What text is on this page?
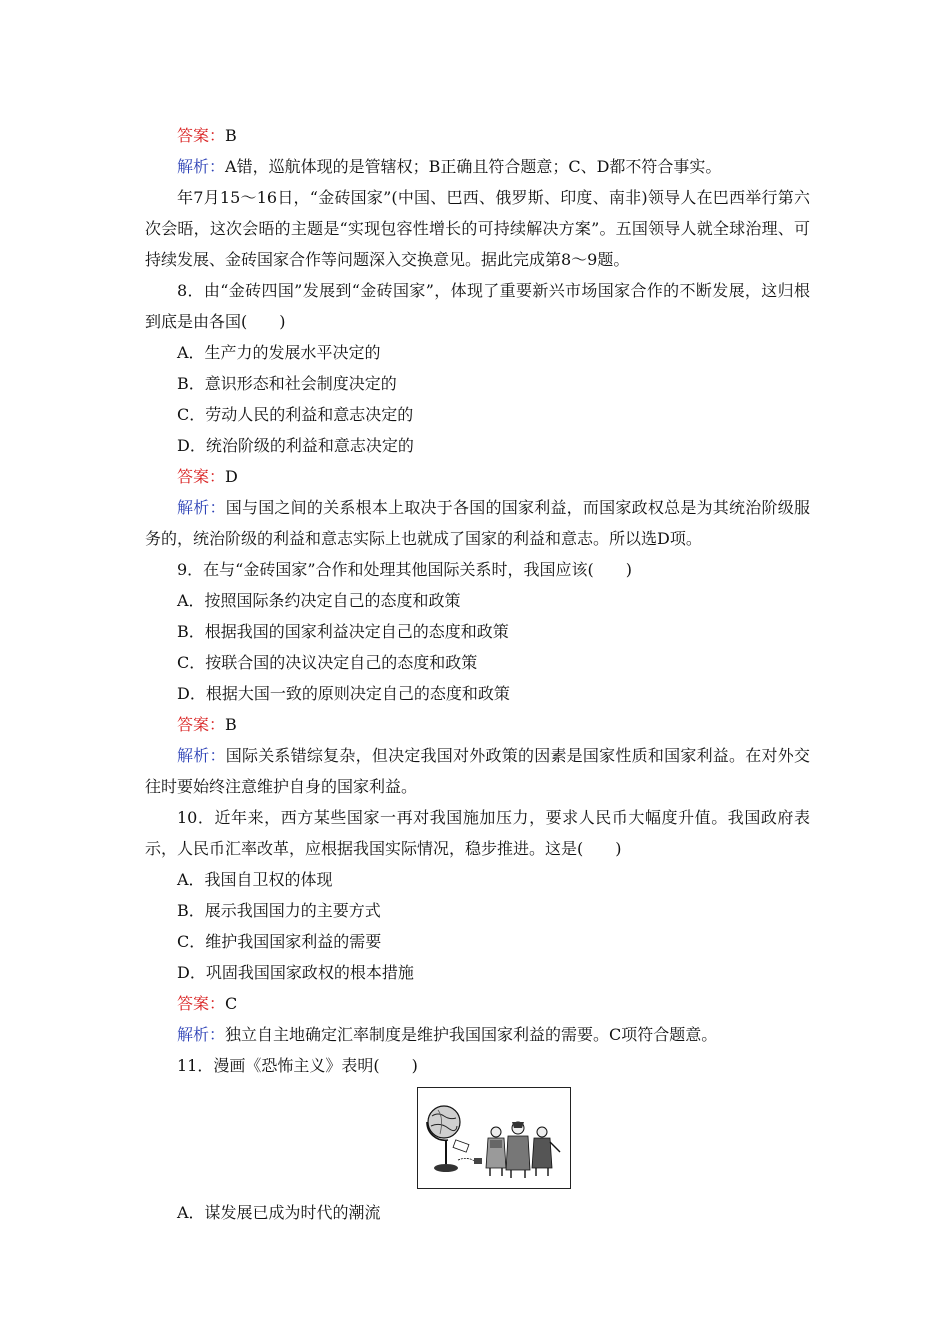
答案：B
解析：A错，巡航体现的是管辖权；B正确且符合题意；C、D都不符合事实。
年7月15～16日，“金砖国家”(中国、巴西、俄罗斯、印度、南非)领导人在巴西举行第六次会晤，这次会晤的主题是“实现包容性增长的可持续解决方案”。五国领导人就全球治理、可持续发展、金砖国家合作等问题深入交换意见。据此完成第8～9题。
8．由“金砖四国”发展到“金砖国家”，体现了重要新兴市场国家合作的不断发展，这归根到底是由各国(　　)
A．生产力的发展水平决定的
B．意识形态和社会制度决定的
C．劳动人民的利益和意志决定的
D．统治阶级的利益和意志决定的
答案：D
解析：国与国之间的关系根本上取决于各国的国家利益，而国家政权总是为其统治阶级服务的，统治阶级的利益和意志实际上也就成了国家的利益和意志。所以选D项。
9．在与“金砖国家”合作和处理其他国际关系时，我国应该(　　)
A．按照国际条约决定自己的态度和政策
B．根据我国的国家利益决定自己的态度和政策
C．按联合国的决议决定自己的态度和政策
D．根据大国一致的原则决定自己的态度和政策
答案：B
解析：国际关系错综复杂，但决定我国对外政策的因素是国家性质和国家利益。在对外交往时要始终注意维护自身的国家利益。
10．近年来，西方某些国家一再对我国施加压力，要求人民币大幅度升值。我国政府表示，人民币汇率改革，应根据我国实际情况，稳步推进。这是(　　)
A．我国自卫权的体现
B．展示我国国力的主要方式
C．维护我国国家利益的需要
D．巩固我国国家政权的根本措施
答案：C
解析：独立自主地确定汇率制度是维护我国国家利益的需要。C项符合题意。
11．漫画《恐怖主义》表明(　　)
A．谋发展已成为时代的潮流
